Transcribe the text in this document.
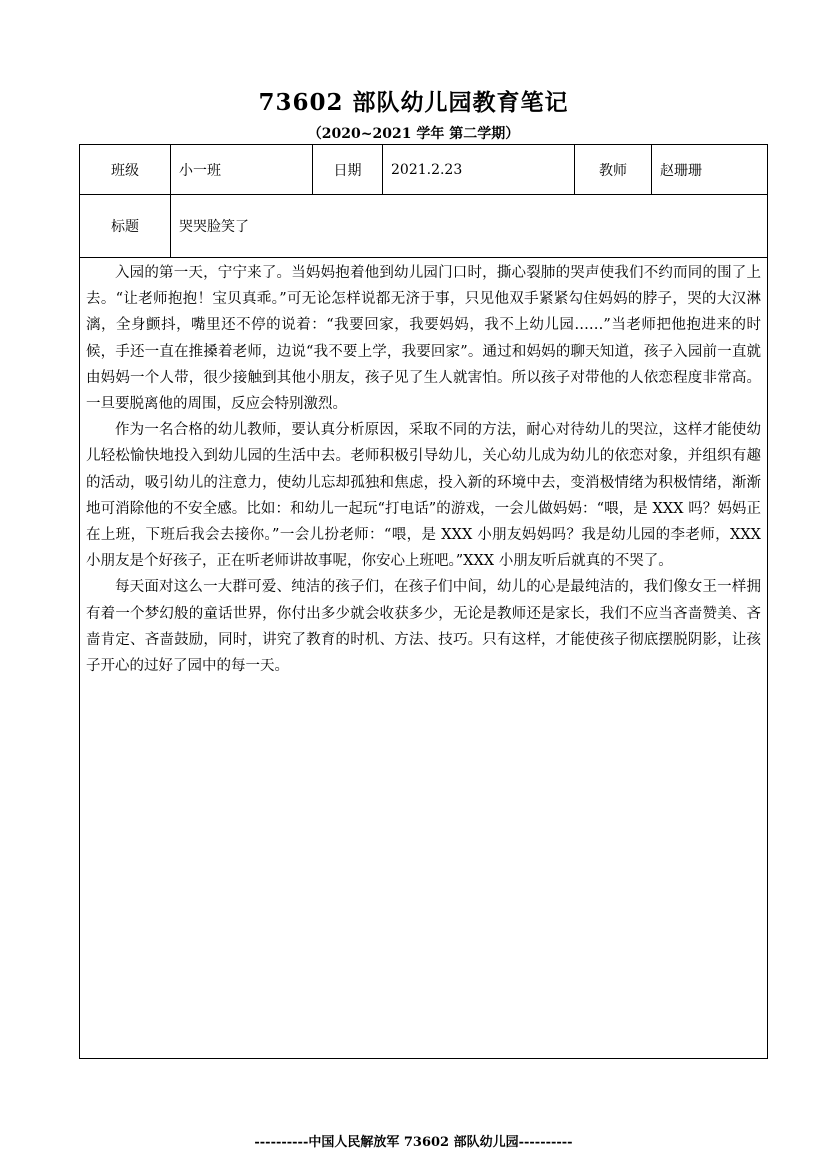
73602 部队幼儿园教育笔记
（2020~2021 学年 第二学期）
班级	小一班	日期	2021.2.23	教师	赵珊珊
标题	哭哭脸笑了				

入园的第一天，宁宁来了。当妈妈抱着他到幼儿园门口时，撕心裂肺的哭声使我们不约而同的围了上去。“让老师抱抱！宝贝真乖。”可无论怎样说都无济于事，只见他双手紧紧勾住妈妈的脖子，哭的大汉淋漓，全身颤抖，嘴里还不停的说着：“我要回家，我要妈妈，我不上幼儿园……”当老师把他抱进来的时候，手还一直在推搡着老师，边说“我不要上学，我要回家”。通过和妈妈的聊天知道，孩子入园前一直就由妈妈一个人带，很少接触到其他小朋友，孩子见了生人就害怕。所以孩子对带他的人依恋程度非常高。一旦要脱离他的周围，反应会特别激烈。

作为一名合格的幼儿教师，要认真分析原因，采取不同的方法，耐心对待幼儿的哭泣，这样才能使幼儿轻松愉快地投入到幼儿园的生活中去。老师积极引导幼儿，关心幼儿成为幼儿的依恋对象，并组织有趣的活动，吸引幼儿的注意力，使幼儿忘却孤独和焦虑，投入新的环境中去，变消极情绪为积极情绪，渐渐地可消除他的不安全感。比如：和幼儿一起玩“打电话”的游戏，一会儿做妈妈：“喂，是 XXX 吗？妈妈正在上班，下班后我会去接你。”一会儿扮老师：“喂，是 XXX 小朋友妈妈吗？我是幼儿园的李老师，XXX 小朋友是个好孩子，正在听老师讲故事呢，你安心上班吧。”XXX 小朋友听后就真的不哭了。

每天面对这么一大群可爱、纯洁的孩子们，在孩子们中间，幼儿的心是最纯洁的，我们像女王一样拥有着一个梦幻般的童话世界，你付出多少就会收获多少，无论是教师还是家长，我们不应当吝啬赞美、吝啬肯定、吝啬鼓励，同时，讲究了教育的时机、方法、技巧。只有这样，才能使孩子彻底摆脱阴影，让孩子开心的过好了园中的每一天。					

----------中国人民解放军 73602 部队幼儿园----------
